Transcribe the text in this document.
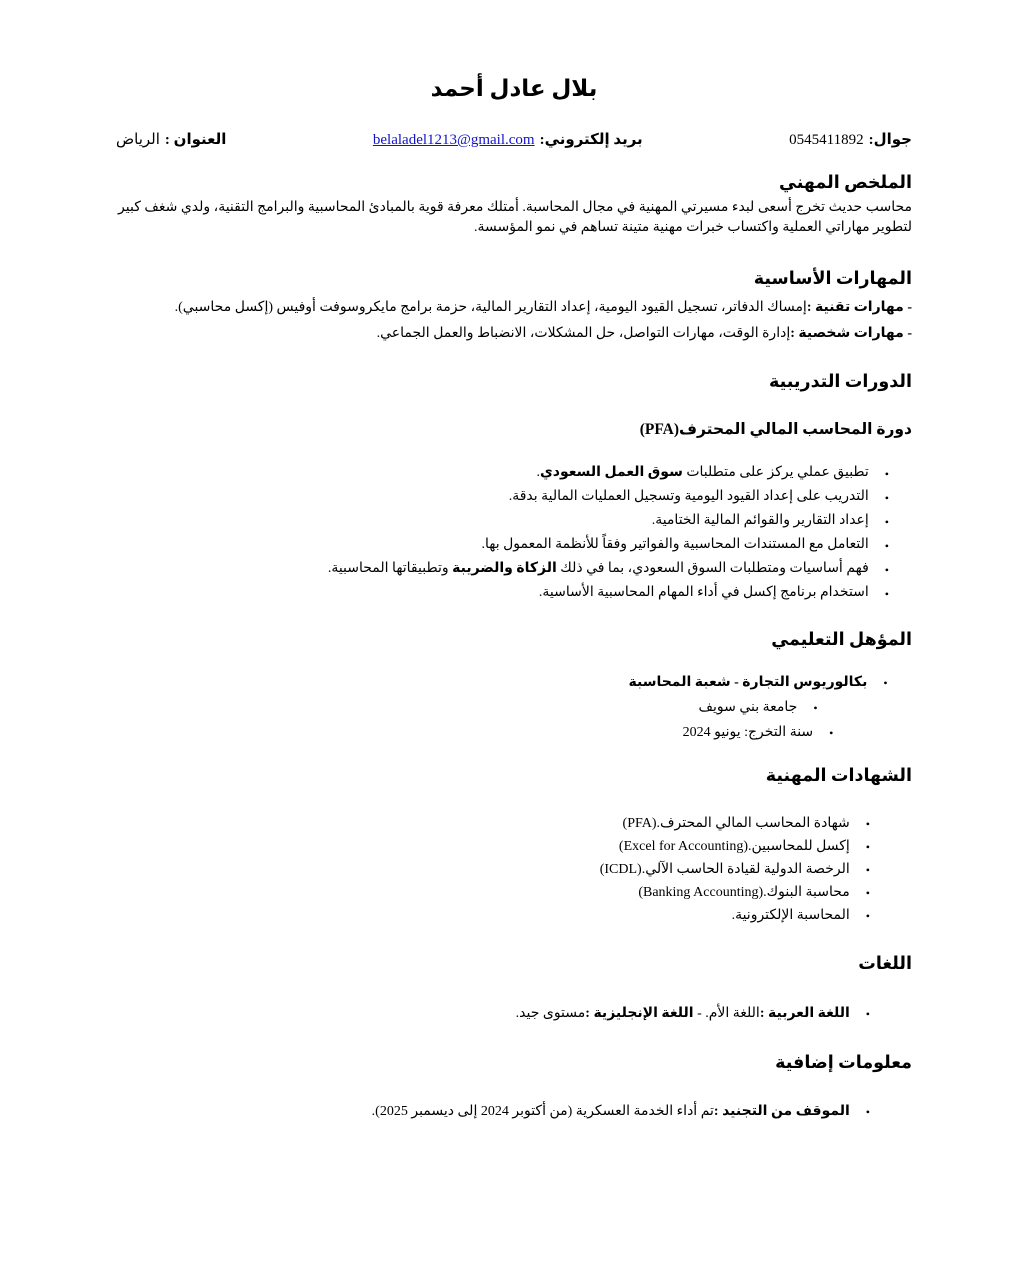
بلال عادل أحمد
جوال:0545411892
بريد إلكتروني:belaladel1213@gmail.com
العنوان :الرياض
الملخص المهني

محاسب حديث تخرج أسعى لبدء مسيرتي المهنية في مجال المحاسبة. أمتلك معرفة قوية بالمبادئ المحاسبية والبرامج التقنية، ولدي شغف كبير لتطوير مهاراتي العملية واكتساب خبرات مهنية متينة تساهم في نمو المؤسسة.

المهارات الأساسية
- مهارات تقنية :إمساك الدفاتر، تسجيل القيود اليومية، إعداد التقارير المالية، حزمة برامج مايكروسوفت أوفيس (إكسل محاسبي).
- مهارات شخصية :إدارة الوقت، مهارات التواصل، حل المشكلات، الانضباط والعمل الجماعي.
الدورات التدريبية
دورة المحاسب المالي المحترف(PFA)
•
تطبيق عملي يركز على متطلبات سوق العمل السعودي.
•
التدريب على إعداد القيود اليومية وتسجيل العمليات المالية بدقة.
•
إعداد التقارير والقوائم المالية الختامية.
•
التعامل مع المستندات المحاسبية والفواتير وفقاً للأنظمة المعمول بها.
•
فهم أساسيات ومتطلبات السوق السعودي، بما في ذلك الزكاة والضريبة وتطبيقاتها المحاسبية.
•
استخدام برنامج إكسل في أداء المهام المحاسبية الأساسية.
المؤهل التعليمي
•
بكالوريوس التجارة - شعبة المحاسبة
•
جامعة بني سويف
•
سنة التخرج: يونيو 2024
الشهادات المهنية
•
شهادة المحاسب المالي المحترف.(PFA)
•
إكسل للمحاسبين.(Excel for Accounting)
•
الرخصة الدولية لقيادة الحاسب الآلي.(ICDL)
•
محاسبة البنوك.(Banking Accounting)
•
المحاسبة الإلكترونية.
اللغات
•
اللغة العربية :اللغة الأم. - اللغة الإنجليزية :مستوى جيد.
معلومات إضافية
•
الموقف من التجنيد :تم أداء الخدمة العسكرية (من أكتوبر 2024 إلى ديسمبر 2025).
